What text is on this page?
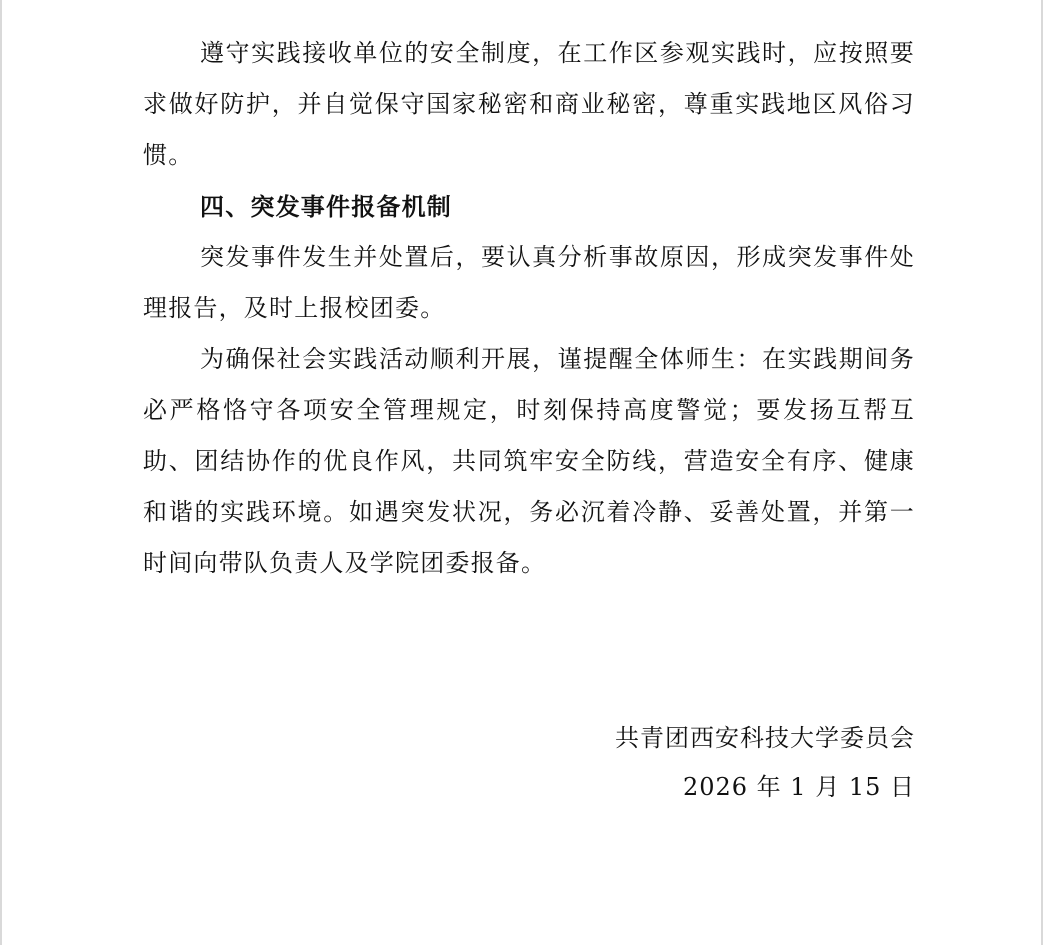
遵守实践接收单位的安全制度，在工作区参观实践时，应按照要求做好防护，并自觉保守国家秘密和商业秘密，尊重实践地区风俗习惯。

四、突发事件报备机制

突发事件发生并处置后，要认真分析事故原因，形成突发事件处理报告，及时上报校团委。

为确保社会实践活动顺利开展，谨提醒全体师生：在实践期间务必严格恪守各项安全管理规定，时刻保持高度警觉；要发扬互帮互助、团结协作的优良作风，共同筑牢安全防线，营造安全有序、健康和谐的实践环境。如遇突发状况，务必沉着冷静、妥善处置，并第一时间向带队负责人及学院团委报备。

共青团西安科技大学委员会
2026 年 1 月 15 日
